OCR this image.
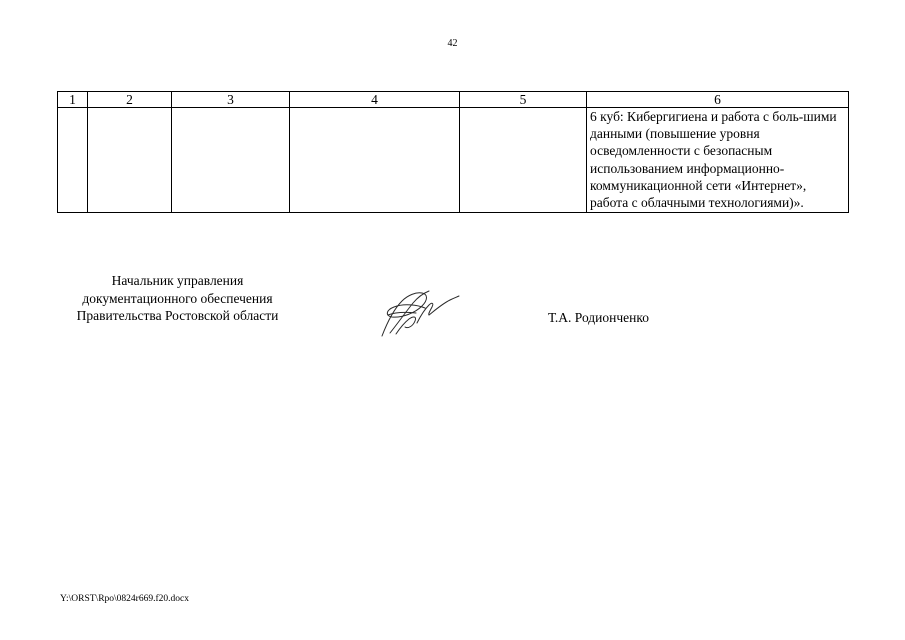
42
1	2	3	4	5	6
					6 куб: Кибергигиена и работа с боль-шими данными (повышение уровня осведомленности с безопасным использованием информационно-коммуникационной сети «Интернет», работа с облачными технологиями)».
Начальник управления
документационного обеспечения
Правительства Ростовской области	Т.А. Родионченко
Y:\ORST\Rpo\0824r669.f20.docx
